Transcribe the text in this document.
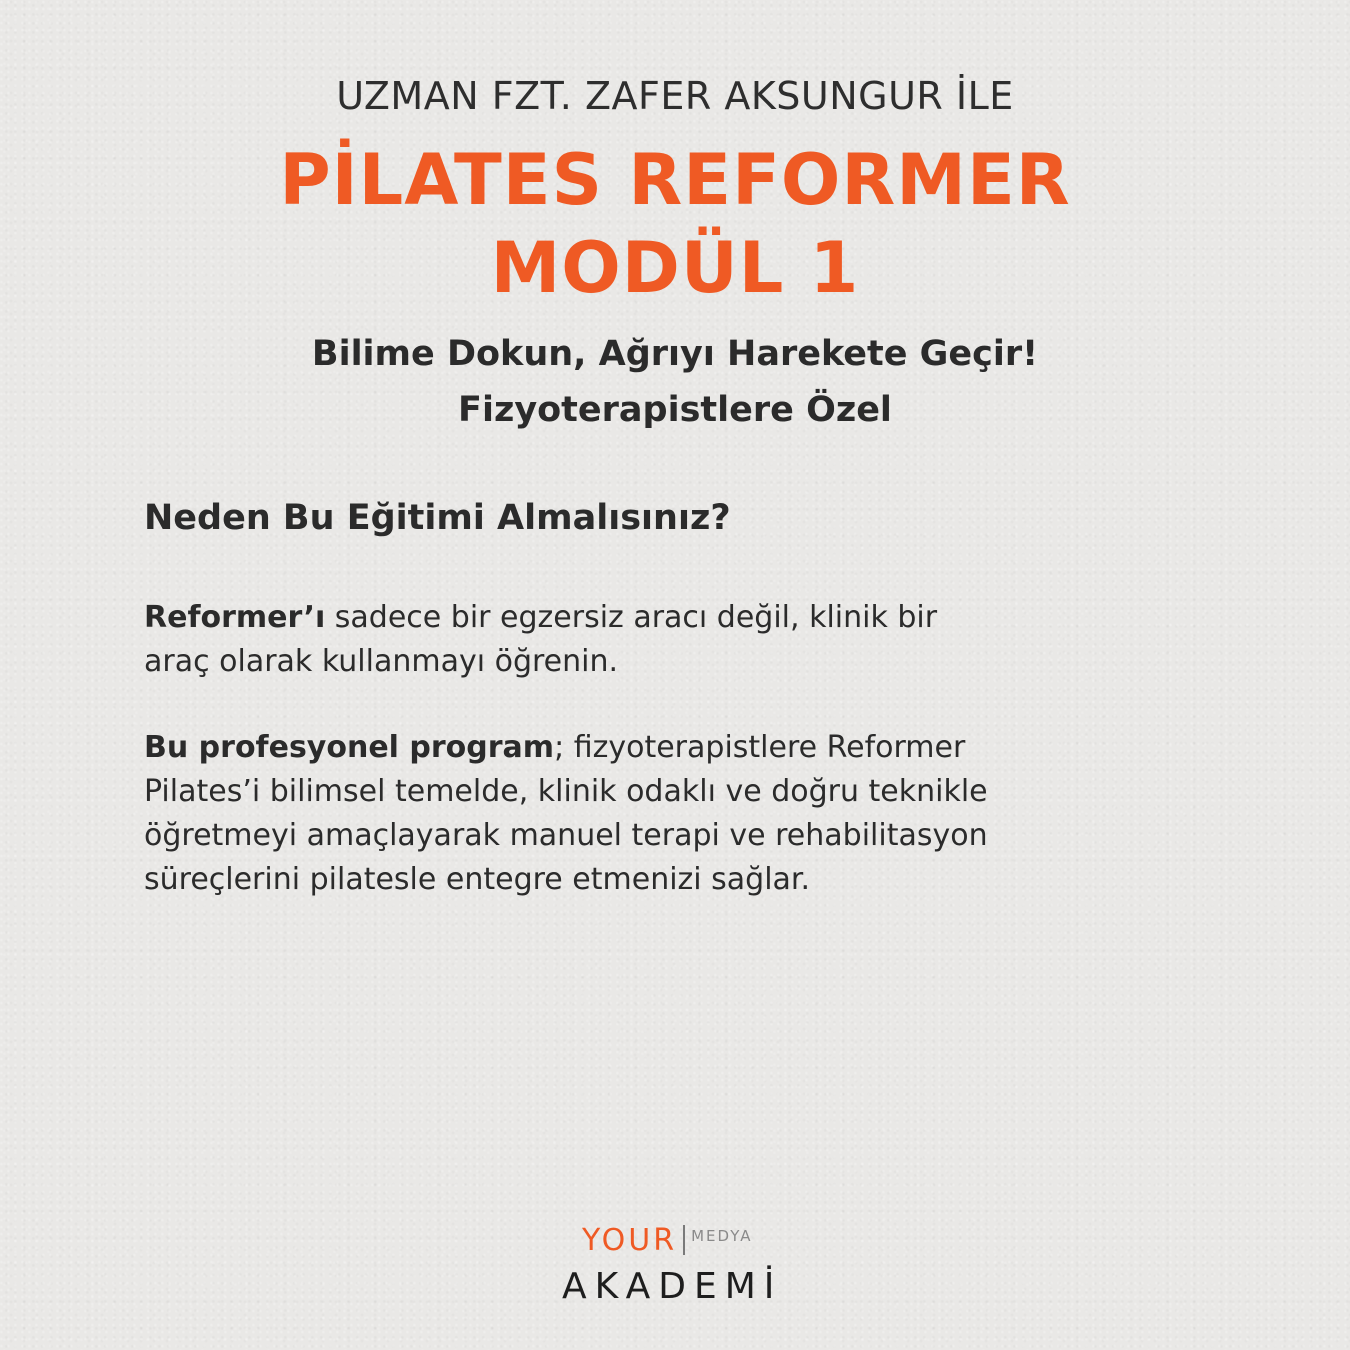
UZMAN FZT. ZAFER AKSUNGUR İLE
PİLATES REFORMER
MODÜL 1
Bilime Dokun, Ağrıyı Harekete Geçir!
Fizyoterapistlere Özel
Neden Bu Eğitimi Almalısınız?
Reformer’ı sadece bir egzersiz aracı değil, klinik bir
araç olarak kullanmayı öğrenin.
Bu profesyonel program; fizyoterapistlere Reformer
Pilates’i bilimsel temelde, klinik odaklı ve doğru teknikle
öğretmeyi amaçlayarak manuel terapi ve rehabilitasyon
süreçlerini pilatesle entegre etmenizi sağlar.
YOUR MEDYA
AKADEMİ
